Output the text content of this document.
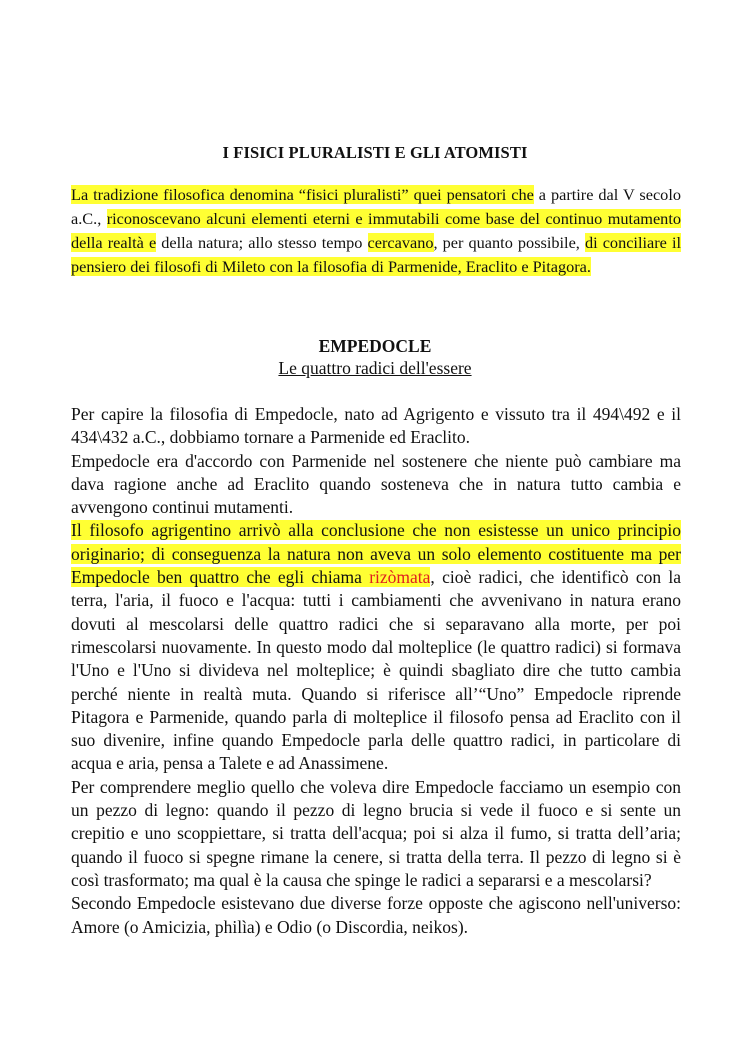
I FISICI PLURALISTI E GLI ATOMISTI
La tradizione filosofica denomina “fisici pluralisti” quei pensatori che a partire dal V secolo a.C., riconoscevano alcuni elementi eterni e immutabili come base del continuo mutamento della realtà e della natura; allo stesso tempo cercavano, per quanto possibile, di conciliare il pensiero dei filosofi di Mileto con la filosofia di Parmenide, Eraclito e Pitagora.
EMPEDOCLE
Le quattro radici dell'essere

Per capire la filosofia di Empedocle, nato ad Agrigento e vissuto tra il 494\492 e il 434\432 a.C., dobbiamo tornare a Parmenide ed Eraclito.

Empedocle era d'accordo con Parmenide nel sostenere che niente può cambiare ma dava ragione anche ad Eraclito quando sosteneva che in natura tutto cambia e avvengono continui mutamenti.

Il filosofo agrigentino arrivò alla conclusione che non esistesse un unico principio originario; di conseguenza la natura non aveva un solo elemento costituente ma per Empedocle ben quattro che egli chiama rizòmata, cioè radici, che identificò con la terra, l'aria, il fuoco e l'acqua: tutti i cambiamenti che avvenivano in natura erano dovuti al mescolarsi delle quattro radici che si separavano alla morte, per poi rimescolarsi nuovamente. In questo modo dal molteplice (le quattro radici) si formava l'Uno e l'Uno si divideva nel molteplice; è quindi sbagliato dire che tutto cambia perché niente in realtà muta. Quando si riferisce all’“Uno” Empedocle riprende Pitagora e Parmenide, quando parla di molteplice il filosofo pensa ad Eraclito con il suo divenire, infine quando Empedocle parla delle quattro radici, in particolare di acqua e aria, pensa a Talete e ad Anassimene.

Per comprendere meglio quello che voleva dire Empedocle facciamo un esempio con un pezzo di legno: quando il pezzo di legno brucia si vede il fuoco e si sente un crepitio e uno scoppiettare, si tratta dell'acqua; poi si alza il fumo, si tratta dell’aria; quando il fuoco si spegne rimane la cenere, si tratta della terra. Il pezzo di legno si è così trasformato; ma qual è la causa che spinge le radici a separarsi e a mescolarsi?

Secondo Empedocle esistevano due diverse forze opposte che agiscono nell'universo: Amore (o Amicizia, philìa) e Odio (o Discordia, neikos).
